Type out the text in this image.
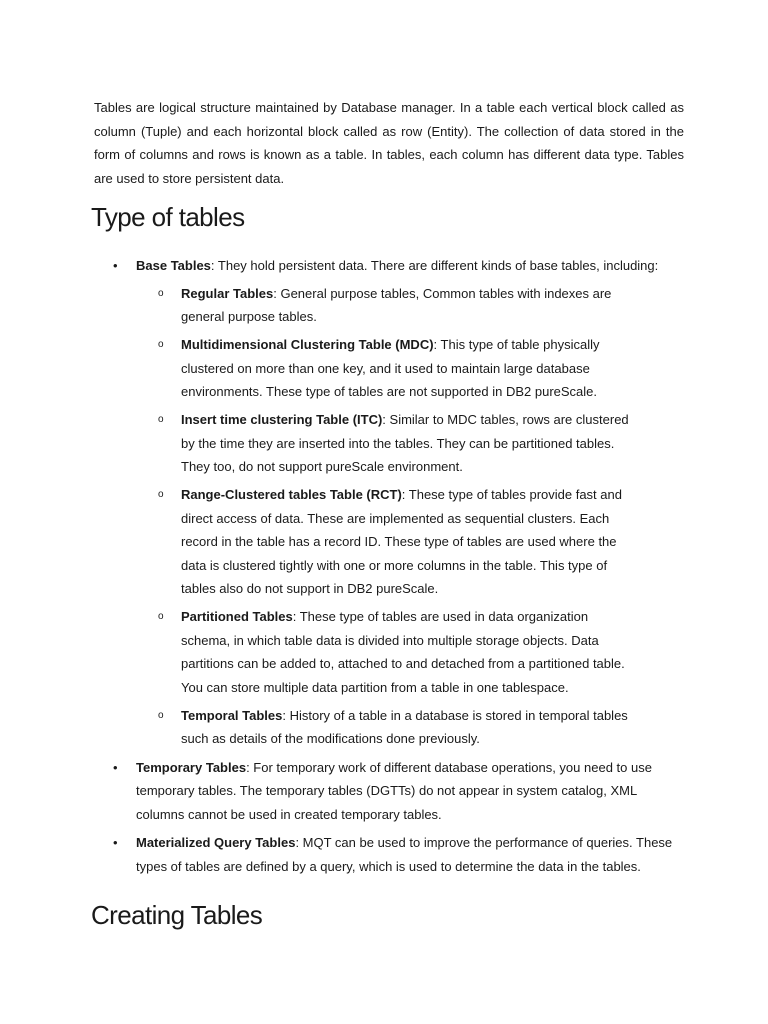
Tables are logical structure maintained by Database manager. In a table each vertical block called as column (Tuple) and each horizontal block called as row (Entity). The collection of data stored in the form of columns and rows is known as a table. In tables, each column has different data type. Tables are used to store persistent data.

Type of tables
• Base Tables: They hold persistent data. There are different kinds of base tables, including:
o Regular Tables: General purpose tables, Common tables with indexes are general purpose tables.
o Multidimensional Clustering Table (MDC): This type of table physically clustered on more than one key, and it used to maintain large database environments. These type of tables are not supported in DB2 pureScale.
o Insert time clustering Table (ITC): Similar to MDC tables, rows are clustered by the time they are inserted into the tables. They can be partitioned tables. They too, do not support pureScale environment.
o Range-Clustered tables Table (RCT): These type of tables provide fast and direct access of data. These are implemented as sequential clusters. Each record in the table has a record ID. These type of tables are used where the data is clustered tightly with one or more columns in the table. This type of tables also do not support in DB2 pureScale.
o Partitioned Tables: These type of tables are used in data organization schema, in which table data is divided into multiple storage objects. Data partitions can be added to, attached to and detached from a partitioned table. You can store multiple data partition from a table in one tablespace.
o Temporal Tables: History of a table in a database is stored in temporal tables such as details of the modifications done previously.
• Temporary Tables: For temporary work of different database operations, you need to use temporary tables. The temporary tables (DGTTs) do not appear in system catalog, XML columns cannot be used in created temporary tables.
• Materialized Query Tables: MQT can be used to improve the performance of queries. These types of tables are defined by a query, which is used to determine the data in the tables.
Creating Tables
